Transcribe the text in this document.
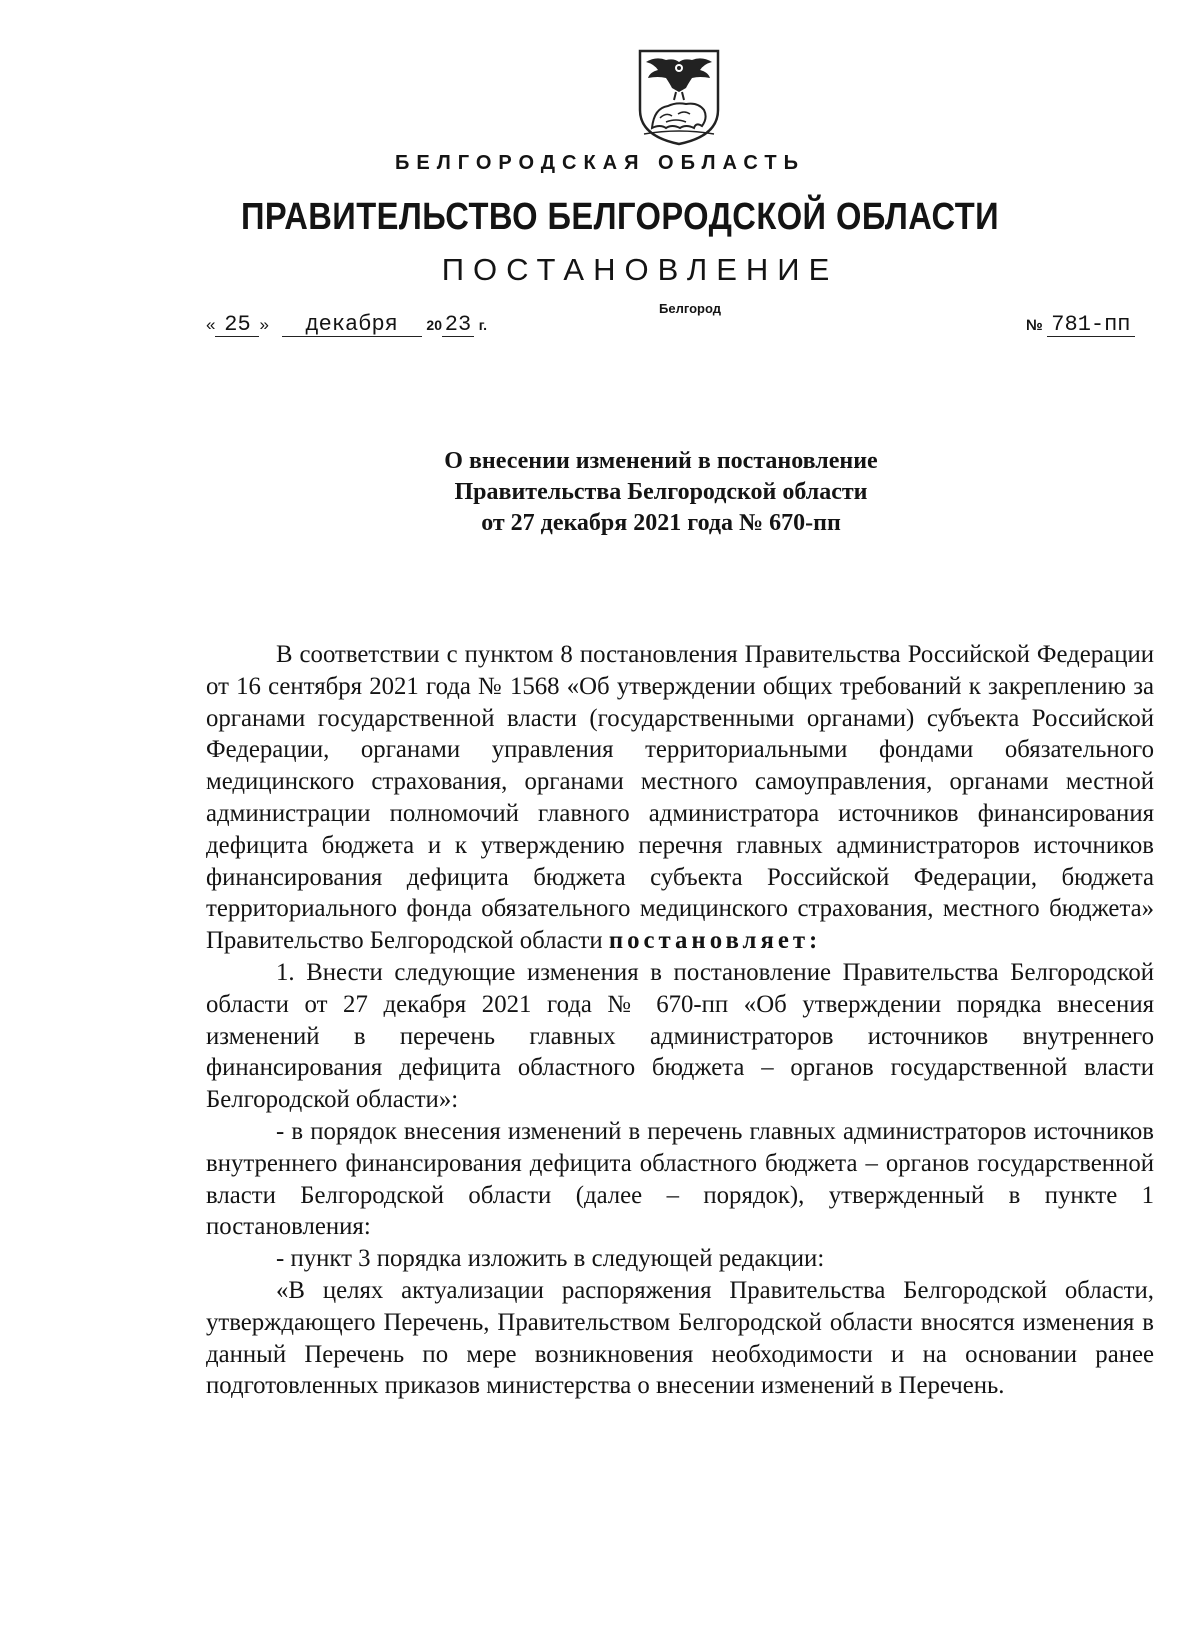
БЕЛГОРОДСКАЯ ОБЛАСТЬ
ПРАВИТЕЛЬСТВО БЕЛГОРОДСКОЙ ОБЛАСТИ
ПОСТАНОВЛЕНИЕ
Белгород
« 25 » декабря 20 23 г.	№ 781-пп
О внесении изменений в постановление
Правительства Белгородской области
от 27 декабря 2021 года № 670-пп

В соответствии с пунктом 8 постановления Правительства Российской Федерации от 16 сентября 2021 года № 1568 «Об утверждении общих требований к закреплению за органами государственной власти (государственными органами) субъекта Российской Федерации, органами управления территориальными фондами обязательного медицинского страхования, органами местного самоуправления, органами местной администрации полномочий главного администратора источников финансирования дефицита бюджета и к утверждению перечня главных администраторов источников финансирования дефицита бюджета субъекта Российской Федерации, бюджета территориального фонда обязательного медицинского страхования, местного бюджета» Правительство Белгородской области постановляет:

1. Внести следующие изменения в постановление Правительства Белгородской области от 27 декабря 2021 года № 670-пп «Об утверждении порядка внесения изменений в перечень главных администраторов источников внутреннего финансирования дефицита областного бюджета – органов государственной власти Белгородской области»:

- в порядок внесения изменений в перечень главных администраторов источников внутреннего финансирования дефицита областного бюджета – органов государственной власти Белгородской области (далее – порядок), утвержденный в пункте 1 постановления:

- пункт 3 порядка изложить в следующей редакции:

«В целях актуализации распоряжения Правительства Белгородской области, утверждающего Перечень, Правительством Белгородской области вносятся изменения в данный Перечень по мере возникновения необходимости и на основании ранее подготовленных приказов министерства о внесении изменений в Перечень.
